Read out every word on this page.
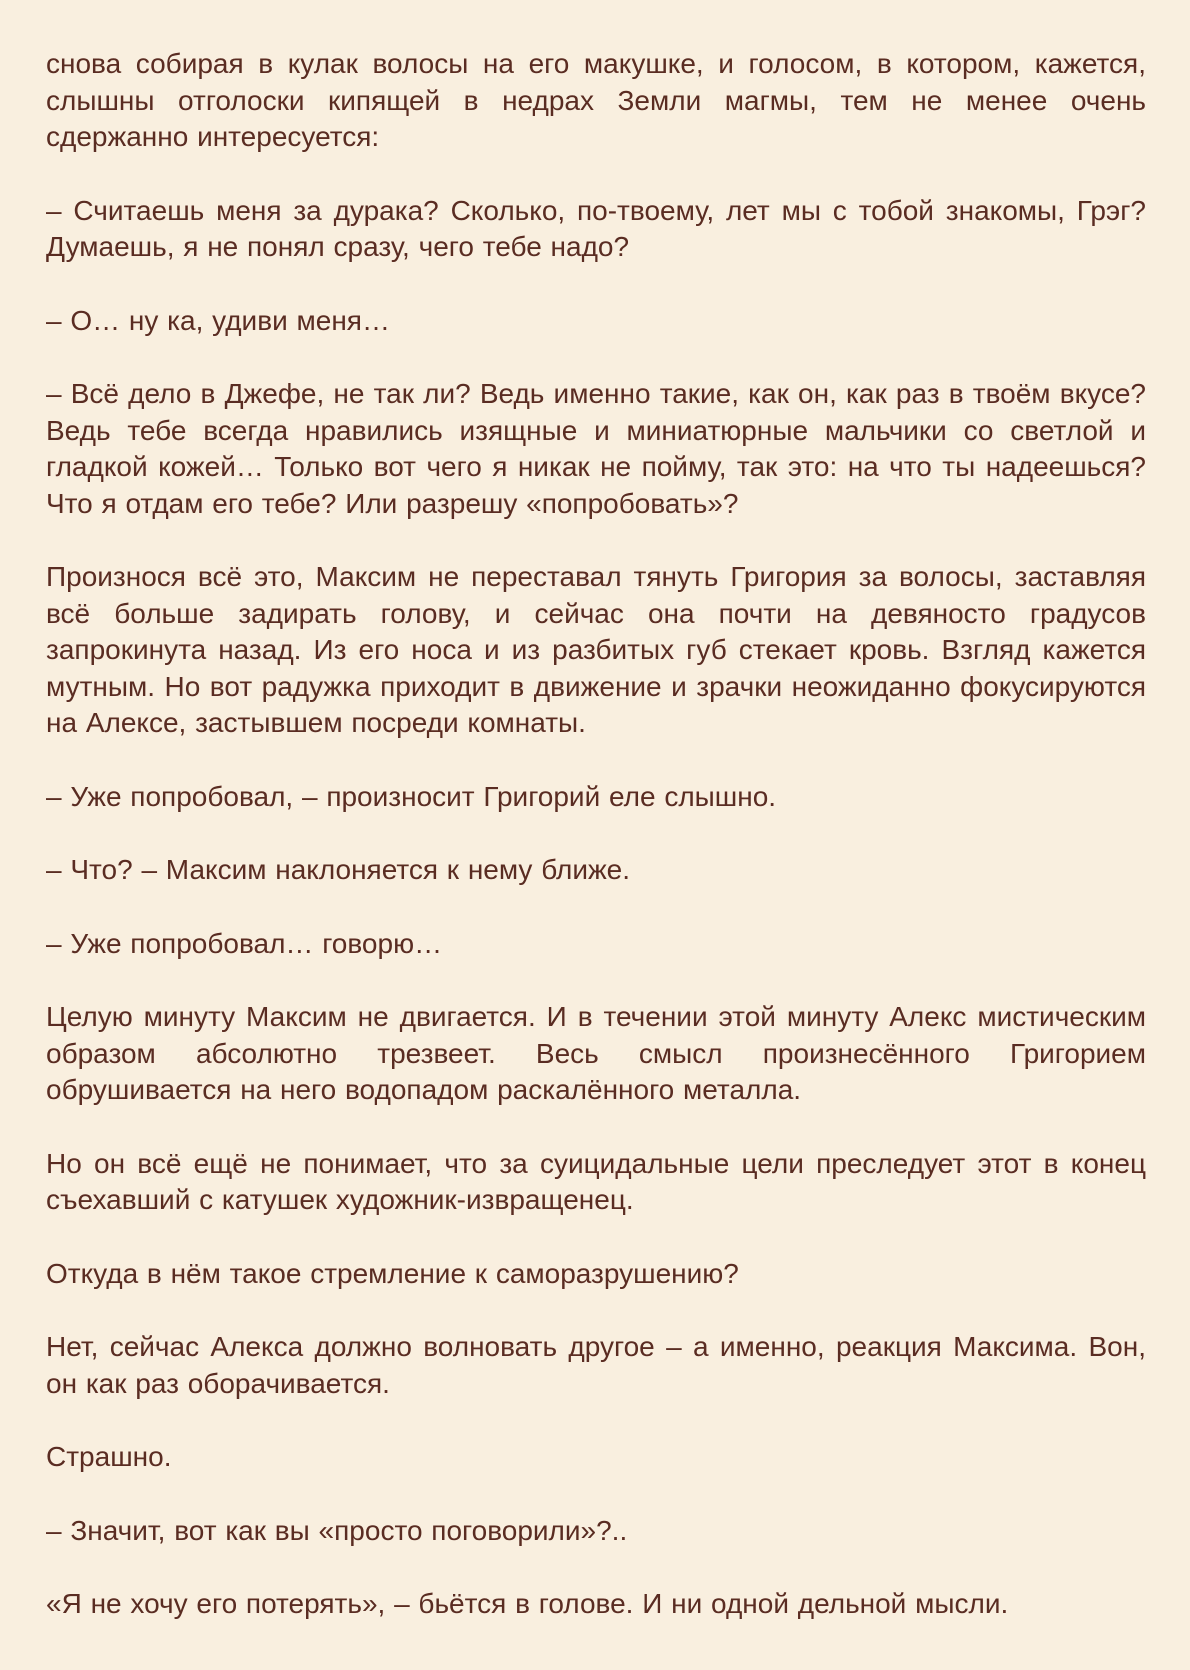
снова собирая в кулак волосы на его макушке, и голосом, в котором, кажется, слышны отголоски кипящей в недрах Земли магмы, тем не менее очень сдержанно интересуется:

– Считаешь меня за дурака? Сколько, по-твоему, лет мы с тобой знакомы, Грэг? Думаешь, я не понял сразу, чего тебе надо?

– О… ну ка, удиви меня…

– Всё дело в Джефе, не так ли? Ведь именно такие, как он, как раз в твоём вкусе? Ведь тебе всегда нравились изящные и миниатюрные мальчики со светлой и гладкой кожей… Только вот чего я никак не пойму, так это: на что ты надеешься? Что я отдам его тебе? Или разрешу «попробовать»?

Произнося всё это, Максим не переставал тянуть Григория за волосы, заставляя всё больше задирать голову, и сейчас она почти на девяносто градусов запрокинута назад. Из его носа и из разбитых губ стекает кровь. Взгляд кажется мутным. Но вот радужка приходит в движение и зрачки неожиданно фокусируются на Алексе, застывшем посреди комнаты.

– Уже попробовал, – произносит Григорий еле слышно.

– Что? – Максим наклоняется к нему ближе.

– Уже попробовал… говорю…

Целую минуту Максим не двигается. И в течении этой минуту Алекс мистическим образом абсолютно трезвеет. Весь смысл произнесённого Григорием обрушивается на него водопадом раскалённого металла.

Но он всё ещё не понимает, что за суицидальные цели преследует этот в конец съехавший с катушек художник-извращенец.

Откуда в нём такое стремление к саморазрушению?

Нет, сейчас Алекса должно волновать другое – а именно, реакция Максима. Вон, он как раз оборачивается.

Страшно.

– Значит, вот как вы «просто поговорили»?..

«Я не хочу его потерять», – бьётся в голове. И ни одной дельной мысли.
